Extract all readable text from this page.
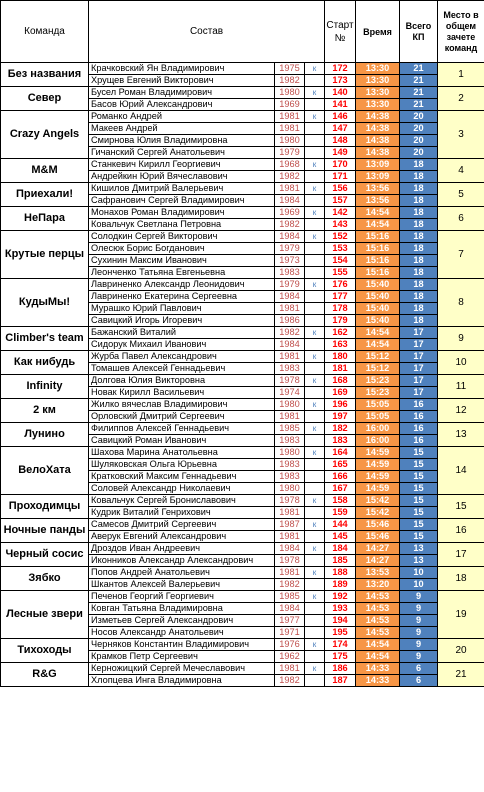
Команда	Состав			Старт
№	Время	Всего
КП	Место в общем зачете команд
Без названия	Крачковский Ян Владимирович	1975	к	172	13:30	21	1
	Хрущев Евгений Викторович	1982		173	13:30	21	
Север	Бусел Роман Владимирович	1980	к	140	13:30	21	2
	Басов Юрий Александрович	1969		141	13:30	21	
Crazy Angels	Романко Андрей	1981	к	146	14:38	20	3
	Макеев Андрей	1981		147	14:38	20	
	Смирнова Юлия Владимировна	1980		148	14:38	20	
	Гичанский Сергей Анатольевич	1979		149	14:38	20	
M&M	Станкевич Кирилл Георгиевич	1968	к	170	13:09	18	4
	Андрейкин Юрий Вячеславович	1982		171	13:09	18	
Приехали!	Кишилов Дмитрий Валерьевич	1981	к	156	13:56	18	5
	Сафранович Сергей Владимирович	1984		157	13:56	18	
НеПара	Монахов Роман Владимирович	1969	к	142	14:54	18	6
	Ковальчук Светлана Петровна	1982		143	14:54	18	
Крутые перцы	Солодкин Сергей Викторович	1984	к	152	15:16	18	7
	Олесюк Борис Богданович	1979		153	15:16	18	
	Сухинин Максим Иванович	1973		154	15:16	18	
	Леонченко Татьяна Евгеньевна	1983		155	15:16	18	
КудыМы!	Лавриненко Александр Леонидович	1979	к	176	15:40	18	8
	Лавриненко Екатерина Сергеевна	1984		177	15:40	18	
	Мурашко Юрий Павлович	1981		178	15:40	18	
	Савицкий Игорь Игоревич	1986		179	15:40	18	
Climber's team	Бажанский Виталий	1982	к	162	14:54	17	9
	Сидорук Михаил Иванович	1984		163	14:54	17	
Как нибудь	Журба Павел Александрович	1981	к	180	15:12	17	10
	Томашев Алексей Геннадьевич	1983		181	15:12	17	
Infinity	Долгова Юлия Викторовна	1978	к	168	15:23	17	11
	Новак Кирилл Васильевич	1974		169	15:23	17	
2 км	Жилко вячеслав Владимирович	1980	к	196	15:05	16	12
	Орловский Дмитрий Сергеевич	1981		197	15:05	16	
Лунино	Филиппов Алексей Геннадьевич	1985	к	182	16:00	16	13
	Савицкий Роман Иванович	1983		183	16:00	16	
ВелоХата	Шахова Марина Анатольевна	1980	к	164	14:59	15	14
	Шуляковская Ольга Юрьевна	1983		165	14:59	15	
	Кратковский Максим Геннадьевич	1983		166	14:59	15	
	Соловей Александр Николаевич	1980		167	14:59	15	
Проходимцы	Ковальчук Сергей Брониславович	1978	к	158	15:42	15	15
	Кудрик Виталий Генрихович	1981		159	15:42	15	
Ночные панды	Самесов Дмитрий Сергеевич	1987	к	144	15:46	15	16
	Аверук Евгений Александрович	1981		145	15:46	15	
Черный сосис	Дроздов Иван Андреевич	1984	к	184	14:27	13	17
	Иконников Александр Александрович	1978		185	14:27	13	
Зябко	Попов Андрей Анатольевич	1981	к	188	13:53	10	18
	Шкантов Алексей Валерьевич	1982		189	13:20	10	
Лесные звери	Печенов Георгий Георгиевич	1985	к	192	14:53	9	19
	Ковган Татьяна Владимировна	1984		193	14:53	9	
	Изметьев Сергей Александрович	1977		194	14:53	9	
	Носов Александр Анатольевич	1971		195	14:53	9	
Тихоходы	Черняков Константин Владимирович	1976	к	174	14:54	9	20
	Крамков Петр Сергеевич	1962		175	14:54	9	
R&G	Керножицкий Сергей Мечеславович	1981	к	186	14:33	6	21
	Хлопцева Инга Владимировна	1982		187	14:33	6	
